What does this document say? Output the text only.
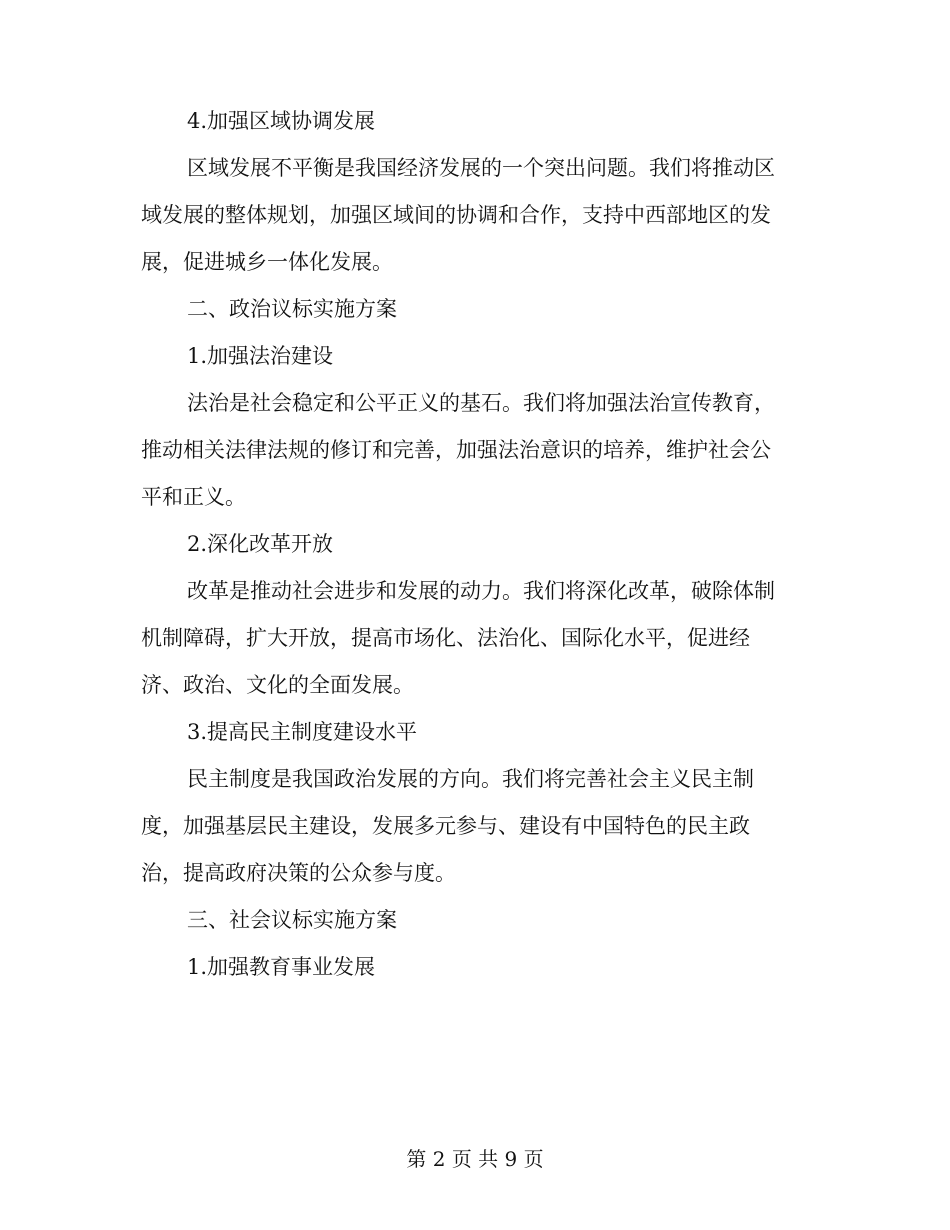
4.加强区域协调发展
区域发展不平衡是我国经济发展的一个突出问题。我们将推动区
域发展的整体规划，加强区域间的协调和合作，支持中西部地区的发
展，促进城乡一体化发展。
二、政治议标实施方案
1.加强法治建设
法治是社会稳定和公平正义的基石。我们将加强法治宣传教育，
推动相关法律法规的修订和完善，加强法治意识的培养，维护社会公
平和正义。
2.深化改革开放
改革是推动社会进步和发展的动力。我们将深化改革，破除体制
机制障碍，扩大开放，提高市场化、法治化、国际化水平，促进经
济、政治、文化的全面发展。
3.提高民主制度建设水平
民主制度是我国政治发展的方向。我们将完善社会主义民主制
度，加强基层民主建设，发展多元参与、建设有中国特色的民主政
治，提高政府决策的公众参与度。
三、社会议标实施方案
1.加强教育事业发展
第 2 页 共 9 页
